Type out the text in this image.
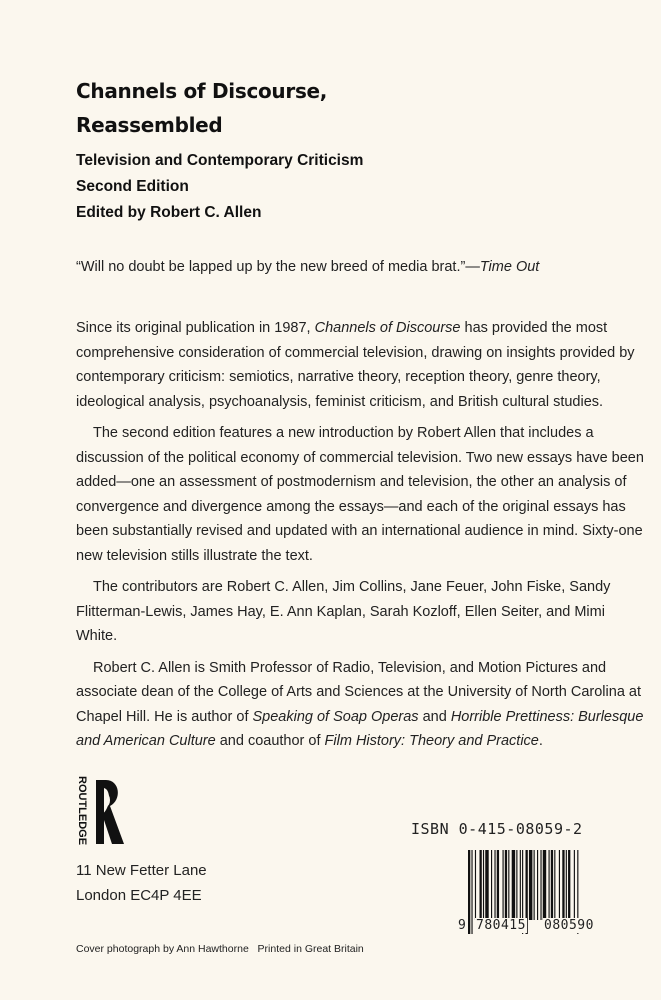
Channels of Discourse,
Reassembled
Television and Contemporary Criticism
Second Edition
Edited by Robert C. Allen
“Will no doubt be lapped up by the new breed of media brat.”—Time Out

Since its original publication in 1987, Channels of Discourse has provided the most comprehensive consideration of commercial television, drawing on insights provided by contemporary criticism: semiotics, narrative theory, reception theory, genre theory, ideological analysis, psychoanalysis, feminist criticism, and British cultural studies.

The second edition features a new introduction by Robert Allen that includes a discussion of the political economy of commercial television. Two new essays have been added—one an assessment of postmodernism and television, the other an analysis of convergence and divergence among the essays—and each of the original essays has been substantially revised and updated with an international audience in mind. Sixty-one new television stills illustrate the text.

The contributors are Robert C. Allen, Jim Collins, Jane Feuer, John Fiske, Sandy Flitterman-Lewis, James Hay, E. Ann Kaplan, Sarah Kozloff, Ellen Seiter, and Mimi White.

Robert C. Allen is Smith Professor of Radio, Television, and Motion Pictures and associate dean of the College of Arts and Sciences at the University of North Carolina at Chapel Hill. He is author of Speaking of Soap Operas and Horrible Prettiness: Burlesque and American Culture and coauthor of Film History: Theory and Practice.

ROUTLEDGE
11 New Fetter Lane
London EC4P 4EE
Cover photograph by Ann Hawthorne Printed in Great Britain
ISBN 0-415-08059-2
9 780415 080590
